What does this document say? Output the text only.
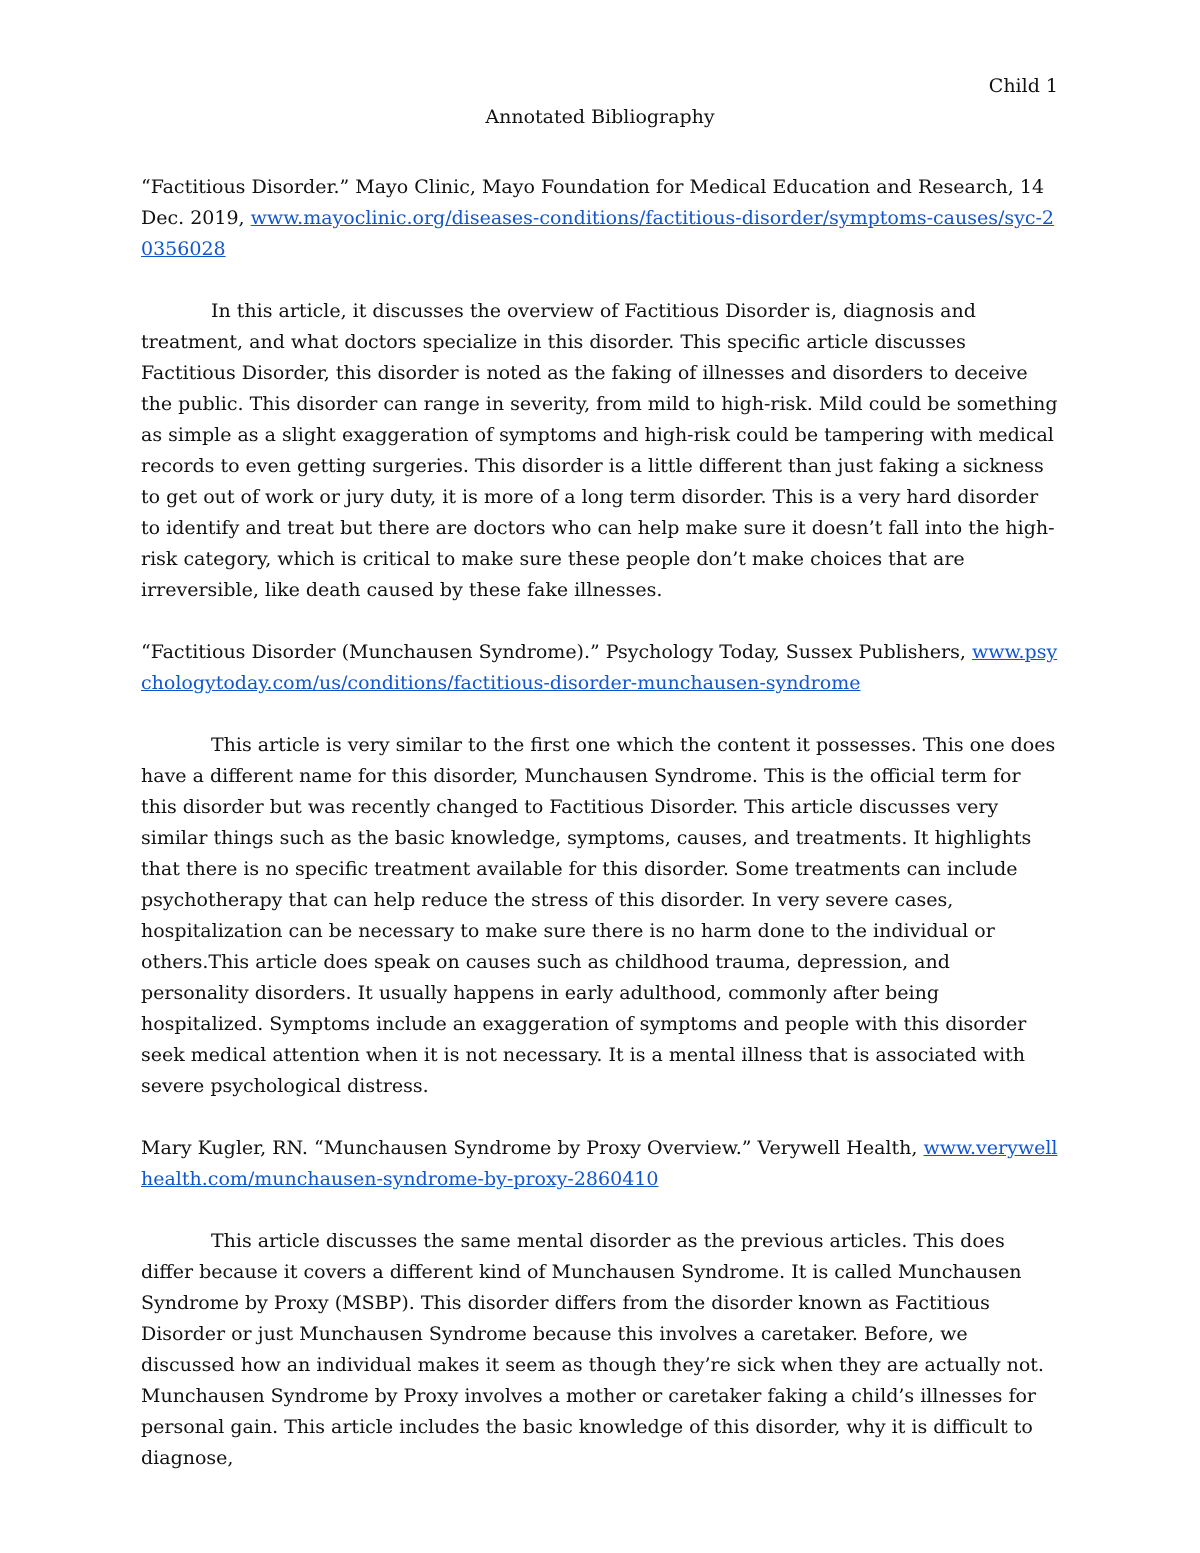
Child 1
Annotated Bibliography

“Factitious Disorder.” Mayo Clinic, Mayo Foundation for Medical Education and Research, 14 Dec. 2019, www.mayoclinic.org/diseases-conditions/factitious-disorder/symptoms-causes/syc-20356028

In this article, it discusses the overview of Factitious Disorder is, diagnosis and treatment, and what doctors specialize in this disorder. This specific article discusses Factitious Disorder, this disorder is noted as the faking of illnesses and disorders to deceive the public. This disorder can range in severity, from mild to high-risk. Mild could be something as simple as a slight exaggeration of symptoms and high-risk could be tampering with medical records to even getting surgeries. This disorder is a little different than just faking a sickness to get out of work or jury duty, it is more of a long term disorder. This is a very hard disorder to identify and treat but there are doctors who can help make sure it doesn’t fall into the high-risk category, which is critical to make sure these people don’t make choices that are irreversible, like death caused by these fake illnesses.

“Factitious Disorder (Munchausen Syndrome).” Psychology Today, Sussex Publishers, www.psychologytoday.com/us/conditions/factitious-disorder-munchausen-syndrome

This article is very similar to the first one which the content it possesses. This one does have a different name for this disorder, Munchausen Syndrome. This is the official term for this disorder but was recently changed to Factitious Disorder. This article discusses very similar things such as the basic knowledge, symptoms, causes, and treatments. It highlights that there is no specific treatment available for this disorder. Some treatments can include psychotherapy that can help reduce the stress of this disorder. In very severe cases, hospitalization can be necessary to make sure there is no harm done to the individual or others.This article does speak on causes such as childhood trauma, depression, and personality disorders. It usually happens in early adulthood, commonly after being hospitalized. Symptoms include an exaggeration of symptoms and people with this disorder seek medical attention when it is not necessary. It is a mental illness that is associated with severe psychological distress.

Mary Kugler, RN. “Munchausen Syndrome by Proxy Overview.” Verywell Health, www.verywellhealth.com/munchausen-syndrome-by-proxy-2860410

This article discusses the same mental disorder as the previous articles. This does differ because it covers a different kind of Munchausen Syndrome. It is called Munchausen Syndrome by Proxy (MSBP). This disorder differs from the disorder known as Factitious Disorder or just Munchausen Syndrome because this involves a caretaker. Before, we discussed how an individual makes it seem as though they’re sick when they are actually not. Munchausen Syndrome by Proxy involves a mother or caretaker faking a child’s illnesses for personal gain. This article includes the basic knowledge of this disorder, why it is difficult to diagnose,
